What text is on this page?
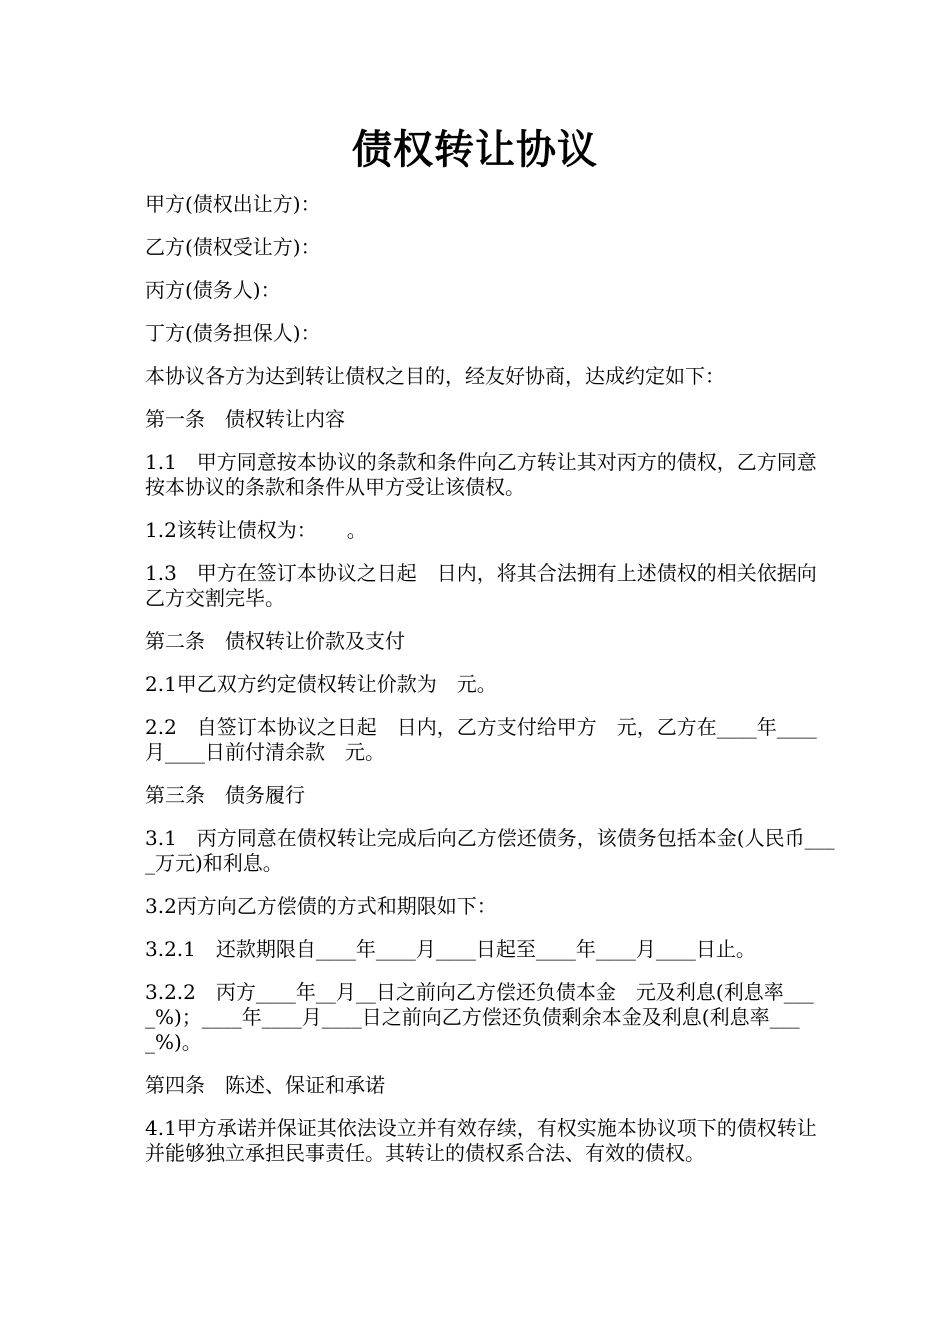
债权转让协议

甲方(债权出让方)：

乙方(债权受让方)：

丙方(债务人)：

丁方(债务担保人)：

本协议各方为达到转让债权之目的，经友好协商，达成约定如下：

第一条　债权转让内容

1.1　甲方同意按本协议的条款和条件向乙方转让其对丙方的债权，乙方同意按本协议的条款和条件从甲方受让该债权。

1.2该转让债权为：　　。

1.3　甲方在签订本协议之日起　日内，将其合法拥有上述债权的相关依据向乙方交割完毕。

第二条　债权转让价款及支付

2.1甲乙双方约定债权转让价款为　元。

2.2　自签订本协议之日起　日内，乙方支付给甲方　元，乙方在____年____月____日前付清余款　元。

第三条　债务履行

3.1　丙方同意在债权转让完成后向乙方偿还债务，该债务包括本金(人民币____万元)和利息。

3.2丙方向乙方偿债的方式和期限如下：

3.2.1　还款期限自____年____月____日起至____年____月____日止。

3.2.2　丙方____年__月__日之前向乙方偿还负债本金　元及利息(利息率____%)；____年____月____日之前向乙方偿还负债剩余本金及利息(利息率____%)。

第四条　陈述、保证和承诺

4.1甲方承诺并保证其依法设立并有效存续，有权实施本协议项下的债权转让并能够独立承担民事责任。其转让的债权系合法、有效的债权。
